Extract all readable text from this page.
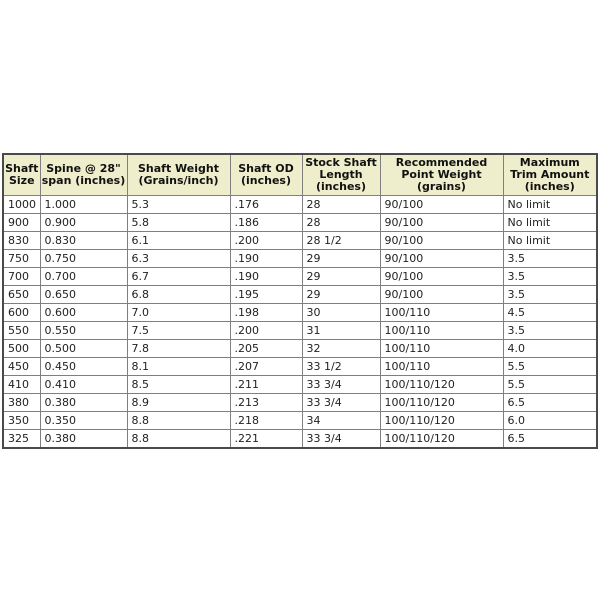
Shaft Size	Spine @ 28" span (inches)	Shaft Weight (Grains/inch)	Shaft OD (inches)	Stock Shaft Length (inches)	Recommended Point Weight (grains)	Maximum Trim Amount (inches)
1000	1.000	5.3	.176	28	90/100	No limit
900	0.900	5.8	.186	28	90/100	No limit
830	0.830	6.1	.200	28 1/2	90/100	No limit
750	0.750	6.3	.190	29	90/100	3.5
700	0.700	6.7	.190	29	90/100	3.5
650	0.650	6.8	.195	29	90/100	3.5
600	0.600	7.0	.198	30	100/110	4.5
550	0.550	7.5	.200	31	100/110	3.5
500	0.500	7.8	.205	32	100/110	4.0
450	0.450	8.1	.207	33 1/2	100/110	5.5
410	0.410	8.5	.211	33 3/4	100/110/120	5.5
380	0.380	8.9	.213	33 3/4	100/110/120	6.5
350	0.350	8.8	.218	34	100/110/120	6.0
325	0.380	8.8	.221	33 3/4	100/110/120	6.5
